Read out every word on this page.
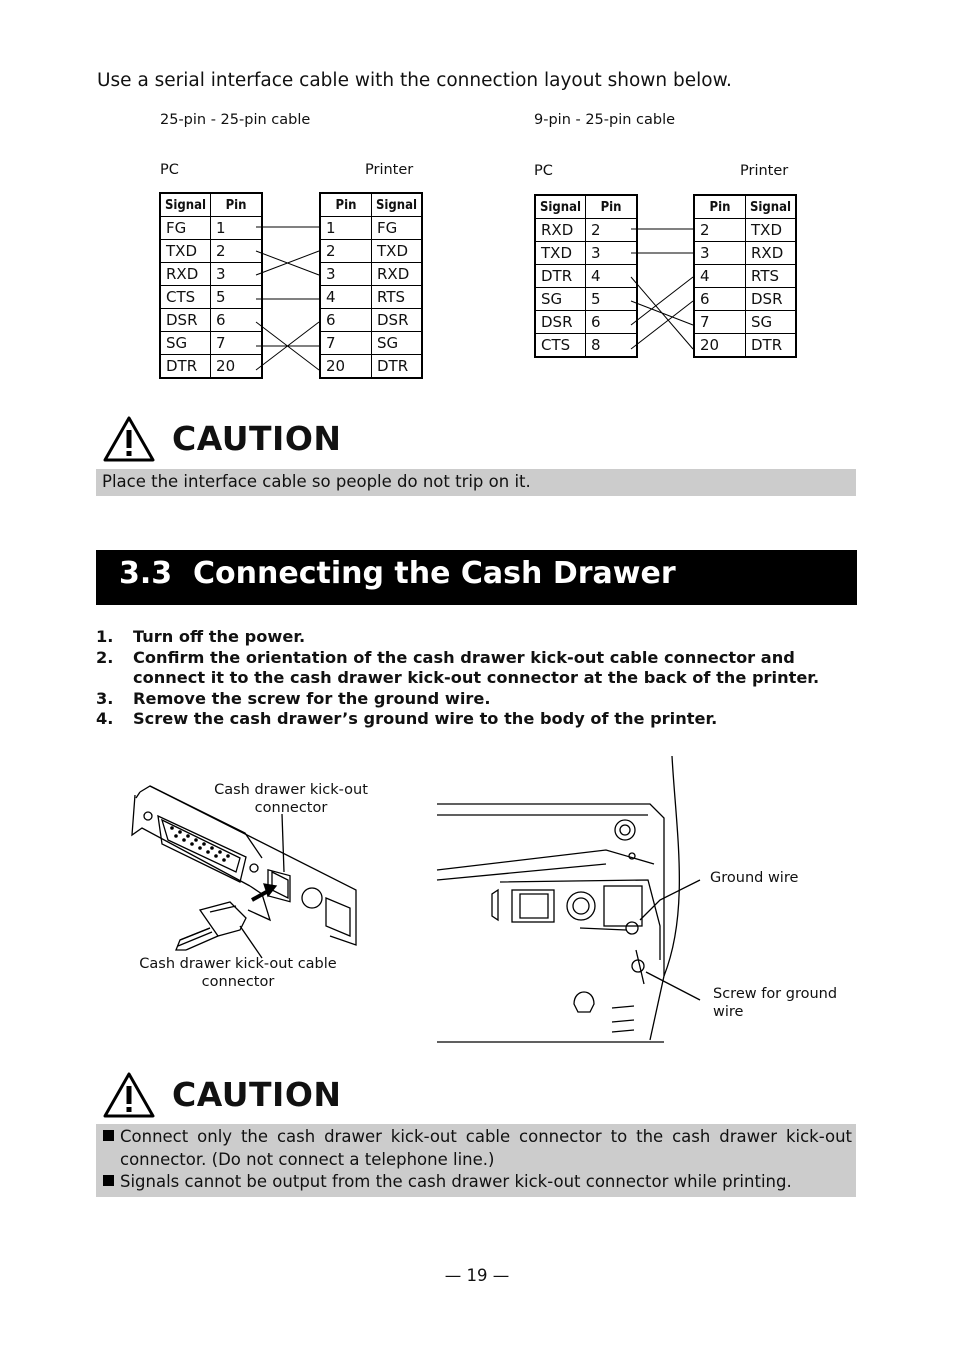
Use a serial interface cable with the connection layout shown below.
25-pin - 25-pin cable
PC	Printer
Signal	Pin
FG	1
TXD	2
RXD	3
CTS	5
DSR	6
SG	7
DTR	20
Pin	Signal
1	FG
2	TXD
3	RXD
4	RTS
6	DSR
7	SG
20	DTR
9-pin - 25-pin cable
PC	Printer
Signal	Pin
RXD	2
TXD	3
DTR	4
SG	5
DSR	6
CTS	8
Pin	Signal
2	TXD
3	RXD
4	RTS
6	DSR
7	SG
20	DTR
CAUTION
Place the interface cable so people do not trip on it.
3.3  Connecting the Cash Drawer
1. Turn off the power.
2. Confirm the orientation of the cash drawer kick-out cable connector and connect it to the cash drawer kick-out connector at the back of the printer.
3. Remove the screw for the ground wire.
4. Screw the cash drawer’s ground wire to the body of the printer.
Cash drawer kick-out connector
Cash drawer kick-out cable connector
Ground wire
Screw for ground wire
CAUTION
Connect only the cash drawer kick-out cable connector to the cash drawer kick-out connector. (Do not connect a telephone line.)
Signals cannot be output from the cash drawer kick-out connector while printing.
— 19 —
